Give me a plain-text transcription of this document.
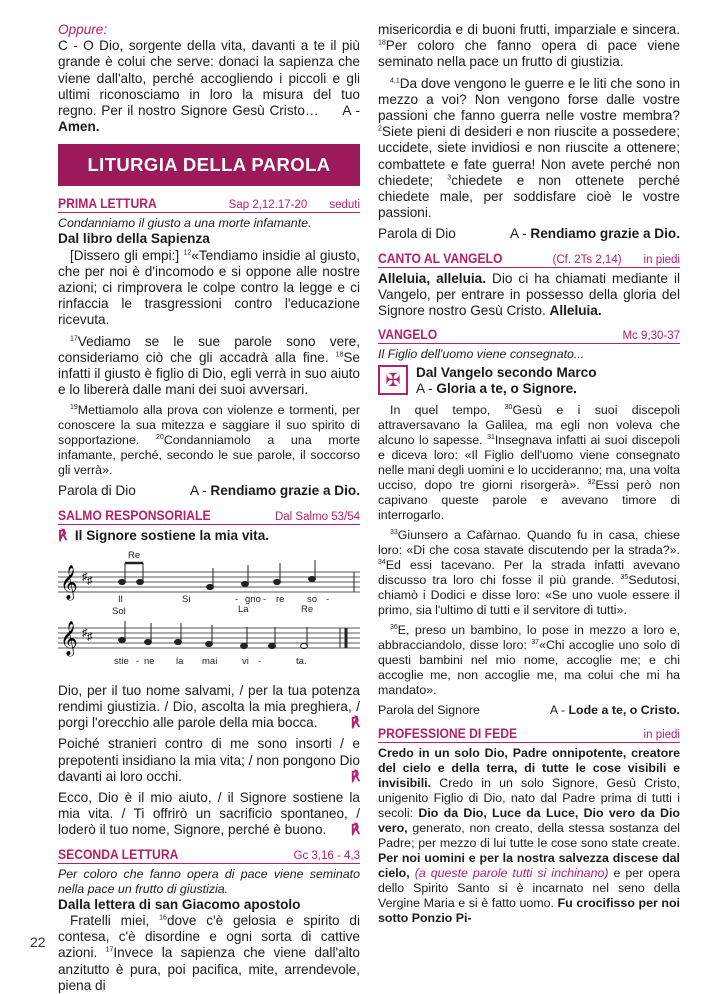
Oppure:

C - O Dio, sorgente della vita, davanti a te il più grande è colui che serve: donaci la sapienza che viene dall'alto, perché accogliendo i piccoli e gli ultimi riconosciamo in loro la misura del tuo regno. Per il nostro Signore Gesù Cristo… A - Amen.

LITURGIA DELLA PAROLA
PRIMA LETTURA	Sap 2,12.17-20 seduti

Condanniamo il giusto a una morte infamante.

Dal libro della Sapienza

[Dissero gli empi:] $^{12}$«Tendiamo insidie al giusto, che per noi è d'incomodo e si oppone alle nostre azioni; ci rimprovera le colpe contro la legge e ci rinfaccia le trasgressioni contro l'educazione ricevuta.

$^{17}$Vediamo se le sue parole sono vere, consideriamo ciò che gli accadrà alla fine. $^{18}$Se infatti il giusto è figlio di Dio, egli verrà in suo aiuto e lo libererà dalle mani dei suoi avversari.

$^{19}$Mettiamolo alla prova con violenze e tormenti, per conoscere la sua mitezza e saggiare il suo spirito di sopportazione. $^{20}$Condanniamolo a una morte infamante, perché, secondo le sue parole, il soccorso gli verrà».

Parola di Dio	A - Rendiamo grazie a Dio.
SALMO RESPONSORIALE	Dal Salmo 53/54

℟ Il Signore sostiene la mia vita.

𝄞
𝄞
♯ ♯
♯ ♯
Re
Il	Si	- gno - re so -
Sol	La	Re
stie - ne la mai	vi -	ta.

Dio, per il tuo nome salvami, / per la tua potenza rendimi giustizia. / Dio, ascolta la mia preghiera, / porgi l'orecchio alle parole della mia bocca. ℟

Poiché stranieri contro di me sono insorti / e prepotenti insidiano la mia vita; / non pongono Dio davanti ai loro occhi.	℟

Ecco, Dio è il mio aiuto, / il Signore sostiene la mia vita. / Ti offrirò un sacrificio spontaneo, / loderò il tuo nome, Signore, perché è buono. ℟

SECONDA LETTURA	Gc 3,16 - 4,3

Per coloro che fanno opera di pace viene seminato nella pace un frutto di giustizia.

Dalla lettera di san Giacomo apostolo

Fratelli miei, $^{16}$dove c'è gelosia e spirito di contesa, c'è disordine e ogni sorta di cattive azioni. $^{17}$Invece la sapienza che viene dall'alto anzitutto è pura, poi pacifica, mite, arrendevole, piena di

22

misericordia e di buoni frutti, imparziale e sincera. $^{18}$Per coloro che fanno opera di pace viene seminato nella pace un frutto di giustizia.

$^{4,1}$Da dove vengono le guerre e le liti che sono in mezzo a voi? Non vengono forse dalle vostre passioni che fanno guerra nelle vostre membra? $^2$Siete pieni di desideri e non riuscite a possedere; uccidete, siete invidiosi e non riuscite a ottenere; combattete e fate guerra! Non avete perché non chiedete; $^3$chiedete e non ottenete perché chiedete male, per soddisfare cioè le vostre passioni.

Parola di Dio	A - Rendiamo grazie a Dio.
CANTO AL VANGELO	(Cf. 2Ts 2,14) in piedi

Alleluia, alleluia. Dio ci ha chiamati mediante il Vangelo, per entrare in possesso della gloria del Signore nostro Gesù Cristo. Alleluia.

VANGELO	Mc 9,30-37

Il Figlio dell'uomo viene consegnato...

✠	Dal Vangelo secondo Marco

A - Gloria a te, o Signore.

In quel tempo, $^{30}$Gesù e i suoi discepoli attraversavano la Galilea, ma egli non voleva che alcuno lo sapesse. $^{31}$Insegnava infatti ai suoi discepoli e diceva loro: «Il Figlio dell'uomo viene consegnato nelle mani degli uomini e lo uccideranno; ma, una volta ucciso, dopo tre giorni risorgerà». $^{32}$Essi però non capivano queste parole e avevano timore di interrogarlo.

$^{33}$Giunsero a Cafàrnao. Quando fu in casa, chiese loro: «Di che cosa stavate discutendo per la strada?». $^{34}$Ed essi tacevano. Per la strada infatti avevano discusso tra loro chi fosse il più grande. $^{35}$Sedutosi, chiamò i Dodici e disse loro: «Se uno vuole essere il primo, sia l'ultimo di tutti e il servitore di tutti».

$^{36}$E, preso un bambino, lo pose in mezzo a loro e, abbracciandolo, disse loro: $^{37}$«Chi accoglie uno solo di questi bambini nel mio nome, accoglie me; e chi accoglie me, non accoglie me, ma colui che mi ha mandato».

Parola del Signore	A - Lode a te, o Cristo.
PROFESSIONE DI FEDE	in piedi

Credo in un solo Dio, Padre onnipotente, creatore del cielo e della terra, di tutte le cose visibili e invisibili. Credo in un solo Signore, Gesù Cristo, unigenito Figlio di Dio, nato dal Padre prima di tutti i secoli: Dio da Dio, Luce da Luce, Dio vero da Dio vero, generato, non creato, della stessa sostanza del Padre; per mezzo di lui tutte le cose sono state create. Per noi uomini e per la nostra salvezza discese dal cielo, (a queste parole tutti si inchinano) e per opera dello Spirito Santo si è incarnato nel seno della Vergine Maria e si è fatto uomo. Fu crocifisso per noi sotto Ponzio Pi-
